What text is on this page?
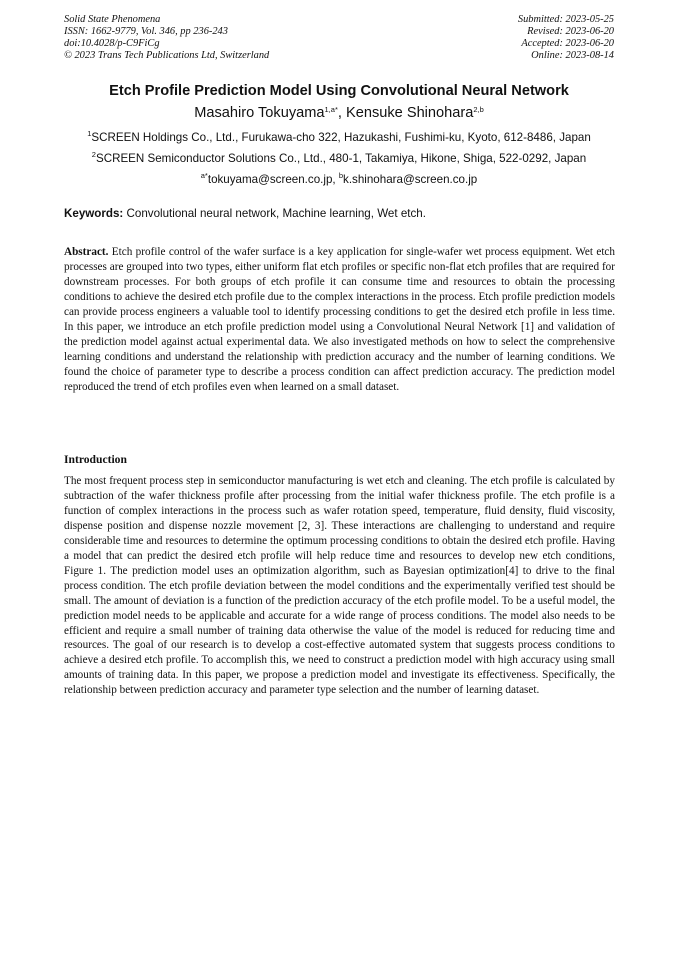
Solid State Phenomena
ISSN: 1662-9779, Vol. 346, pp 236-243
doi:10.4028/p-C9FiCg
© 2023 Trans Tech Publications Ltd, Switzerland
Submitted: 2023-05-25
Revised: 2023-06-20
Accepted: 2023-06-20
Online: 2023-08-14
Etch Profile Prediction Model Using Convolutional Neural Network
Masahiro Tokuyama$^{1,a*}$, Kensuke Shinohara$^{2,b}$
$^1$SCREEN Holdings Co., Ltd., Furukawa-cho 322, Hazukashi, Fushimi-ku, Kyoto, 612-8486, Japan
$^2$SCREEN Semiconductor Solutions Co., Ltd., 480-1, Takamiya, Hikone, Shiga, 522-0292, Japan
$^{a*}$tokuyama@screen.co.jp, $^b$k.shinohara@screen.co.jp
Keywords: Convolutional neural network, Machine learning, Wet etch.

Abstract. Etch profile control of the wafer surface is a key application for single-wafer wet process equipment. Wet etch processes are grouped into two types, either uniform flat etch profiles or specific non-flat etch profiles that are required for downstream processes. For both groups of etch profile it can consume time and resources to obtain the processing conditions to achieve the desired etch profile due to the complex interactions in the process. Etch profile prediction models can provide process engineers a valuable tool to identify processing conditions to get the desired etch profile in less time. In this paper, we introduce an etch profile prediction model using a Convolutional Neural Network [1] and validation of the prediction model against actual experimental data. We also investigated methods on how to select the comprehensive learning conditions and understand the relationship with prediction accuracy and the number of learning conditions. We found the choice of parameter type to describe a process condition can affect prediction accuracy. The prediction model reproduced the trend of etch profiles even when learned on a small dataset.

Introduction

The most frequent process step in semiconductor manufacturing is wet etch and cleaning. The etch profile is calculated by subtraction of the wafer thickness profile after processing from the initial wafer thickness profile. The etch profile is a function of complex interactions in the process such as wafer rotation speed, temperature, fluid density, fluid viscosity, dispense position and dispense nozzle movement [2, 3]. These interactions are challenging to understand and require considerable time and resources to determine the optimum processing conditions to obtain the desired etch profile. Having a model that can predict the desired etch profile will help reduce time and resources to develop new etch conditions, Figure 1. The prediction model uses an optimization algorithm, such as Bayesian optimization[4] to drive to the final process condition. The etch profile deviation between the model conditions and the experimentally verified test should be small. The amount of deviation is a function of the prediction accuracy of the etch profile model. To be a useful model, the prediction model needs to be applicable and accurate for a wide range of process conditions. The model also needs to be efficient and require a small number of training data otherwise the value of the model is reduced for reducing time and resources. The goal of our research is to develop a cost-effective automated system that suggests process conditions to achieve a desired etch profile. To accomplish this, we need to construct a prediction model with high accuracy using small amounts of training data. In this paper, we propose a prediction model and investigate its effectiveness. Specifically, the relationship between prediction accuracy and parameter type selection and the number of learning dataset.
